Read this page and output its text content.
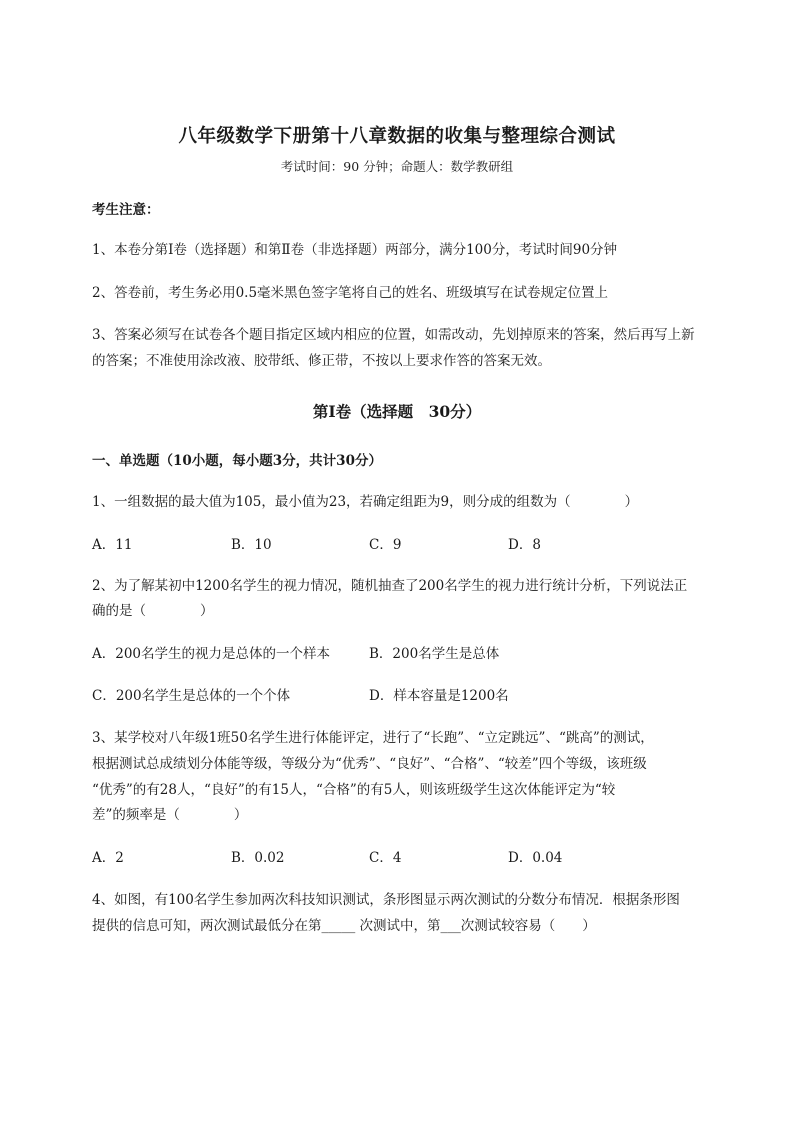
八年级数学下册第十八章数据的收集与整理综合测试
考试时间：90 分钟；命题人：数学教研组
考生注意：
1、本卷分第I卷（选择题）和第Ⅱ卷（非选择题）两部分，满分100分，考试时间90分钟
2、答卷前，考生务必用0.5毫米黑色签字笔将自己的姓名、班级填写在试卷规定位置上
3、答案必须写在试卷各个题目指定区域内相应的位置，如需改动，先划掉原来的答案，然后再写上新
的答案；不准使用涂改液、胶带纸、修正带，不按以上要求作答的答案无效。
第I卷（选择题　30分）
一、单选题（10小题，每小题3分，共计30分）
1、一组数据的最大值为105，最小值为23，若确定组距为9，则分成的组数为（　　　　）
A．11	B．10	C．9	D．8
2、为了解某初中1200名学生的视力情况，随机抽查了200名学生的视力进行统计分析，下列说法正
确的是（　　　　）
A．200名学生的视力是总体的一个样本	B．200名学生是总体
C．200名学生是总体的一个个体	D．样本容量是1200名
3、某学校对八年级1班50名学生进行体能评定，进行了“长跑”、“立定跳远”、“跳高”的测试，
根据测试总成绩划分体能等级，等级分为“优秀”、“良好”、“合格”、“较差”四个等级，该班级
“优秀”的有28人，“良好”的有15人，“合格”的有5人，则该班级学生这次体能评定为“较
差”的频率是（　　　　）
A．2	B．0.02	C．4	D．0.04
4、如图，有100名学生参加两次科技知识测试，条形图显示两次测试的分数分布情况．根据条形图
提供的信息可知，两次测试最低分在第_____ 次测试中，第___次测试较容易（　　）
